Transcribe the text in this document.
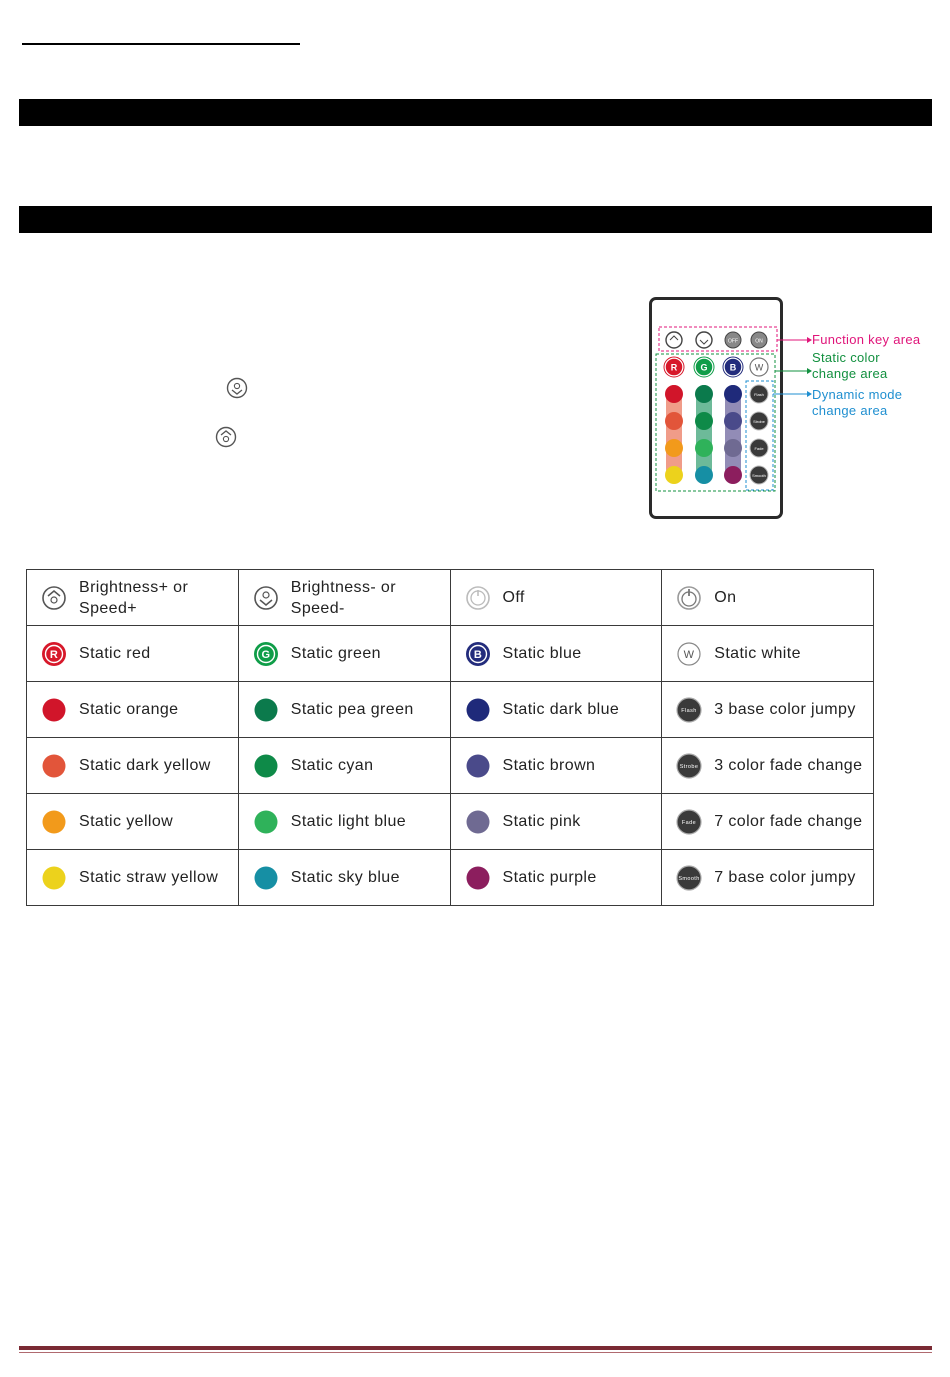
OFF	ON
R	G B W
Flash
Strobe
Fade
Smooth
Function key area
Static color change area
Dynamic mode change area
Brightness+ or Speed+	Brightness- or Speed-	Off	On

R Static red	G Static green	B Static blue	W Static white

Static orange	Static pea green	Static dark blue	Flash 3 base color jumpy

Static dark yellow	Static cyan	Static brown	Strobe 3 color fade change

Static yellow	Static light blue	Static pink	Fade 7 color fade change

Static straw yellow	Static sky blue	Static purple	Smooth 7 base color jumpy
